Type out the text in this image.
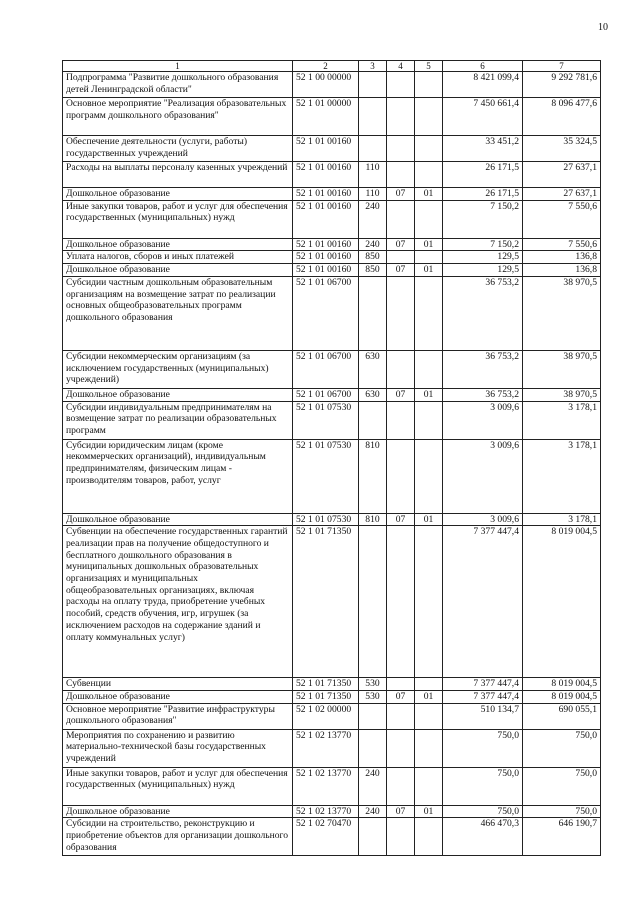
10
1	2	3	4	5	6	7
Подпрограмма "Развитие дошкольного образования детей Ленинградской области"	52 1 00 00000				8 421 099,4	9 292 781,6
Основное мероприятие "Реализация образовательных программ дошкольного образования"	52 1 01 00000				7 450 661,4	8 096 477,6
Обеспечение деятельности (услуги, работы) государственных учреждений	52 1 01 00160				33 451,2	35 324,5
Расходы на выплаты персоналу казенных учреждений	52 1 01 00160	110			26 171,5	27 637,1
Дошкольное образование	52 1 01 00160	110	07	01	26 171,5	27 637,1
Иные закупки товаров, работ и услуг для обеспечения государственных (муниципальных) нужд	52 1 01 00160	240			7 150,2	7 550,6
Дошкольное образование	52 1 01 00160	240	07	01	7 150,2	7 550,6
Уплата налогов, сборов и иных платежей	52 1 01 00160	850			129,5	136,8
Дошкольное образование	52 1 01 00160	850	07	01	129,5	136,8
Субсидии частным дошкольным образовательным организациям на возмещение затрат по реализации основных общеобразовательных программ дошкольного образования	52 1 01 06700				36 753,2	38 970,5
Субсидии некоммерческим организациям (за исключением государственных (муниципальных) учреждений)	52 1 01 06700	630			36 753,2	38 970,5
Дошкольное образование	52 1 01 06700	630	07	01	36 753,2	38 970,5
Субсидии индивидуальным предпринимателям на возмещение затрат по реализации образовательных программ	52 1 01 07530				3 009,6	3 178,1
Субсидии юридическим лицам (кроме некоммерческих организаций), индивидуальным предпринимателям, физическим лицам - производителям товаров, работ, услуг	52 1 01 07530	810			3 009,6	3 178,1
Дошкольное образование	52 1 01 07530	810	07	01	3 009,6	3 178,1
Субвенции на обеспечение государственных гарантий реализации прав на получение общедоступного и бесплатного дошкольного образования в муниципальных дошкольных образовательных организациях и муниципальных общеобразовательных организациях, включая расходы на оплату труда, приобретение учебных пособий, средств обучения, игр, игрушек (за исключением расходов на содержание зданий и оплату коммунальных услуг)	52 1 01 71350				7 377 447,4	8 019 004,5
Субвенции	52 1 01 71350	530			7 377 447,4	8 019 004,5
Дошкольное образование	52 1 01 71350	530	07	01	7 377 447,4	8 019 004,5
Основное мероприятие "Развитие инфраструктуры дошкольного образования"	52 1 02 00000				510 134,7	690 055,1
Мероприятия по сохранению и развитию материально-технической базы государственных учреждений	52 1 02 13770				750,0	750,0
Иные закупки товаров, работ и услуг для обеспечения государственных (муниципальных) нужд	52 1 02 13770	240			750,0	750,0
Дошкольное образование	52 1 02 13770	240	07	01	750,0	750,0
Субсидии на строительство, реконструкцию и приобретение объектов для организации дошкольного образования	52 1 02 70470				466 470,3	646 190,7
